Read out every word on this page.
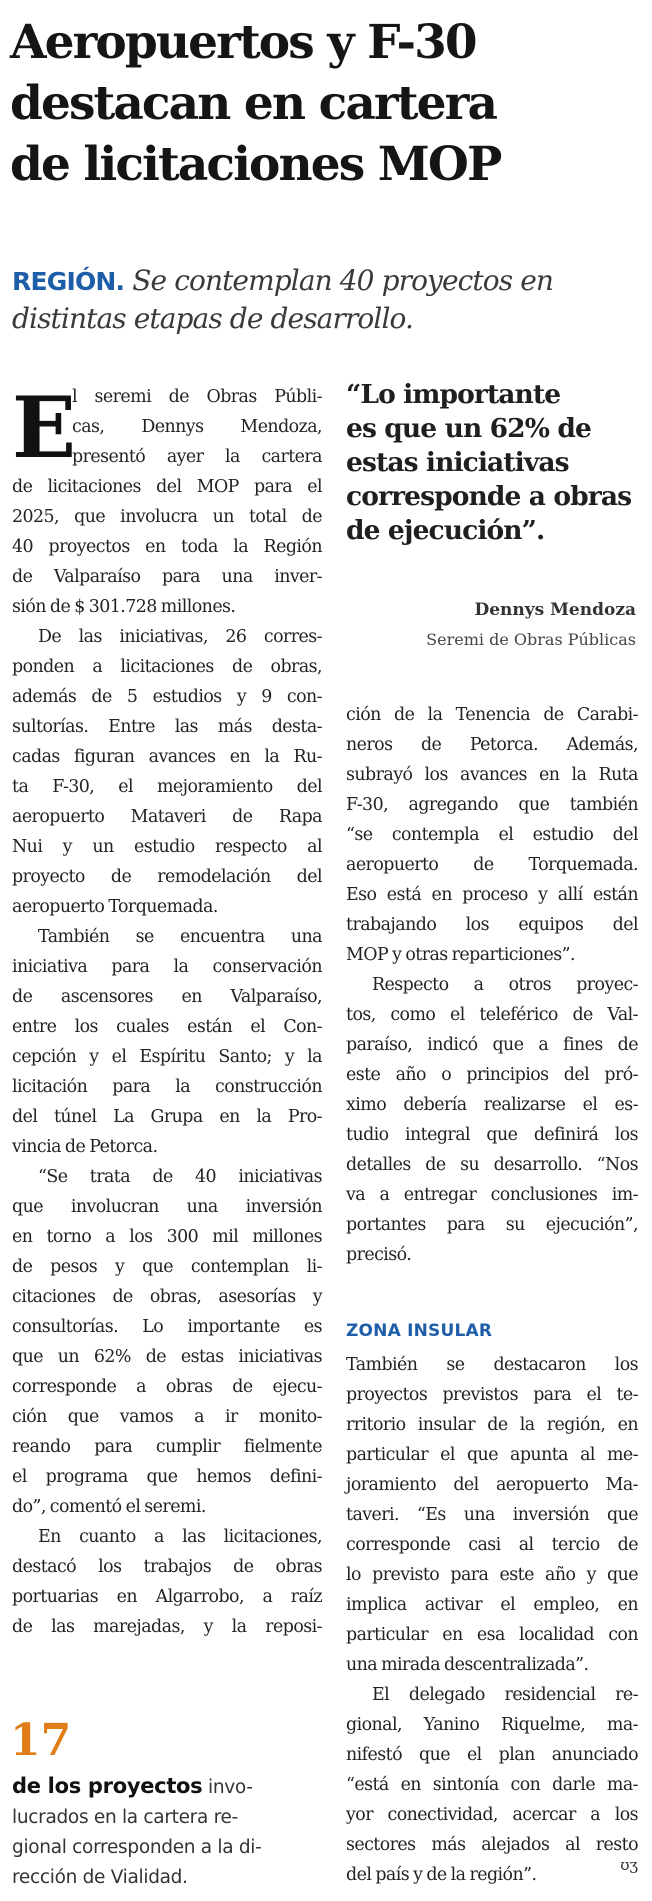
Aeropuertos y F-30
destacan en cartera
de licitaciones MOP
REGIÓN. Se contemplan 40 proyectos en
distintas etapas de desarrollo.
E
l seremi de Obras Públi-
cas, Dennys Mendoza,
presentó ayer la cartera
de licitaciones del MOP para el
2025, que involucra un total de
40 proyectos en toda la Región
de Valparaíso para una inver-
sión de $ 301.728 millones.
De las iniciativas, 26 corres-
ponden a licitaciones de obras,
además de 5 estudios y 9 con-
sultorías. Entre las más desta-
cadas figuran avances en la Ru-
ta F-30, el mejoramiento del
aeropuerto Mataveri de Rapa
Nui y un estudio respecto al
proyecto de remodelación del
aeropuerto Torquemada.
También se encuentra una
iniciativa para la conservación
de ascensores en Valparaíso,
entre los cuales están el Con-
cepción y el Espíritu Santo; y la
licitación para la construcción
del túnel La Grupa en la Pro-
vincia de Petorca.
“Se trata de 40 iniciativas
que involucran una inversión
en torno a los 300 mil millones
de pesos y que contemplan li-
citaciones de obras, asesorías y
consultorías. Lo importante es
que un 62% de estas iniciativas
corresponde a obras de ejecu-
ción que vamos a ir monito-
reando para cumplir fielmente
el programa que hemos defini-
do”, comentó el seremi.
En cuanto a las licitaciones,
destacó los trabajos de obras
portuarias en Algarrobo, a raíz
de las marejadas, y la reposi-
“Lo importante
es que un 62% de
estas iniciativas
corresponde a obras
de ejecución”.
Dennys Mendoza
Seremi de Obras Públicas
ción de la Tenencia de Carabi-
neros de Petorca. Además,
subrayó los avances en la Ruta
F-30, agregando que también
“se contempla el estudio del
aeropuerto de Torquemada.
Eso está en proceso y allí están
trabajando los equipos del
MOP y otras reparticiones”.
Respecto a otros proyec-
tos, como el teleférico de Val-
paraíso, indicó que a fines de
este año o principios del pró-
ximo debería realizarse el es-
tudio integral que definirá los
detalles de su desarrollo. “Nos
va a entregar conclusiones im-
portantes para su ejecución”,
precisó.
ZONA INSULAR
También se destacaron los
proyectos previstos para el te-
rritorio insular de la región, en
particular el que apunta al me-
joramiento del aeropuerto Ma-
taveri. “Es una inversión que
corresponde casi al tercio de
lo previsto para este año y que
implica activar el empleo, en
particular en esa localidad con
una mirada descentralizada”.
El delegado residencial re-
gional, Yanino Riquelme, ma-
nifestó que el plan anunciado
“está en sintonía con darle ma-
yor conectividad, acercar a los
sectores más alejados al resto
del país y de la región”.
17
de los proyectos invo-
lucrados en la cartera re-
gional corresponden a la di-
rección de Vialidad.
ʊʒ
